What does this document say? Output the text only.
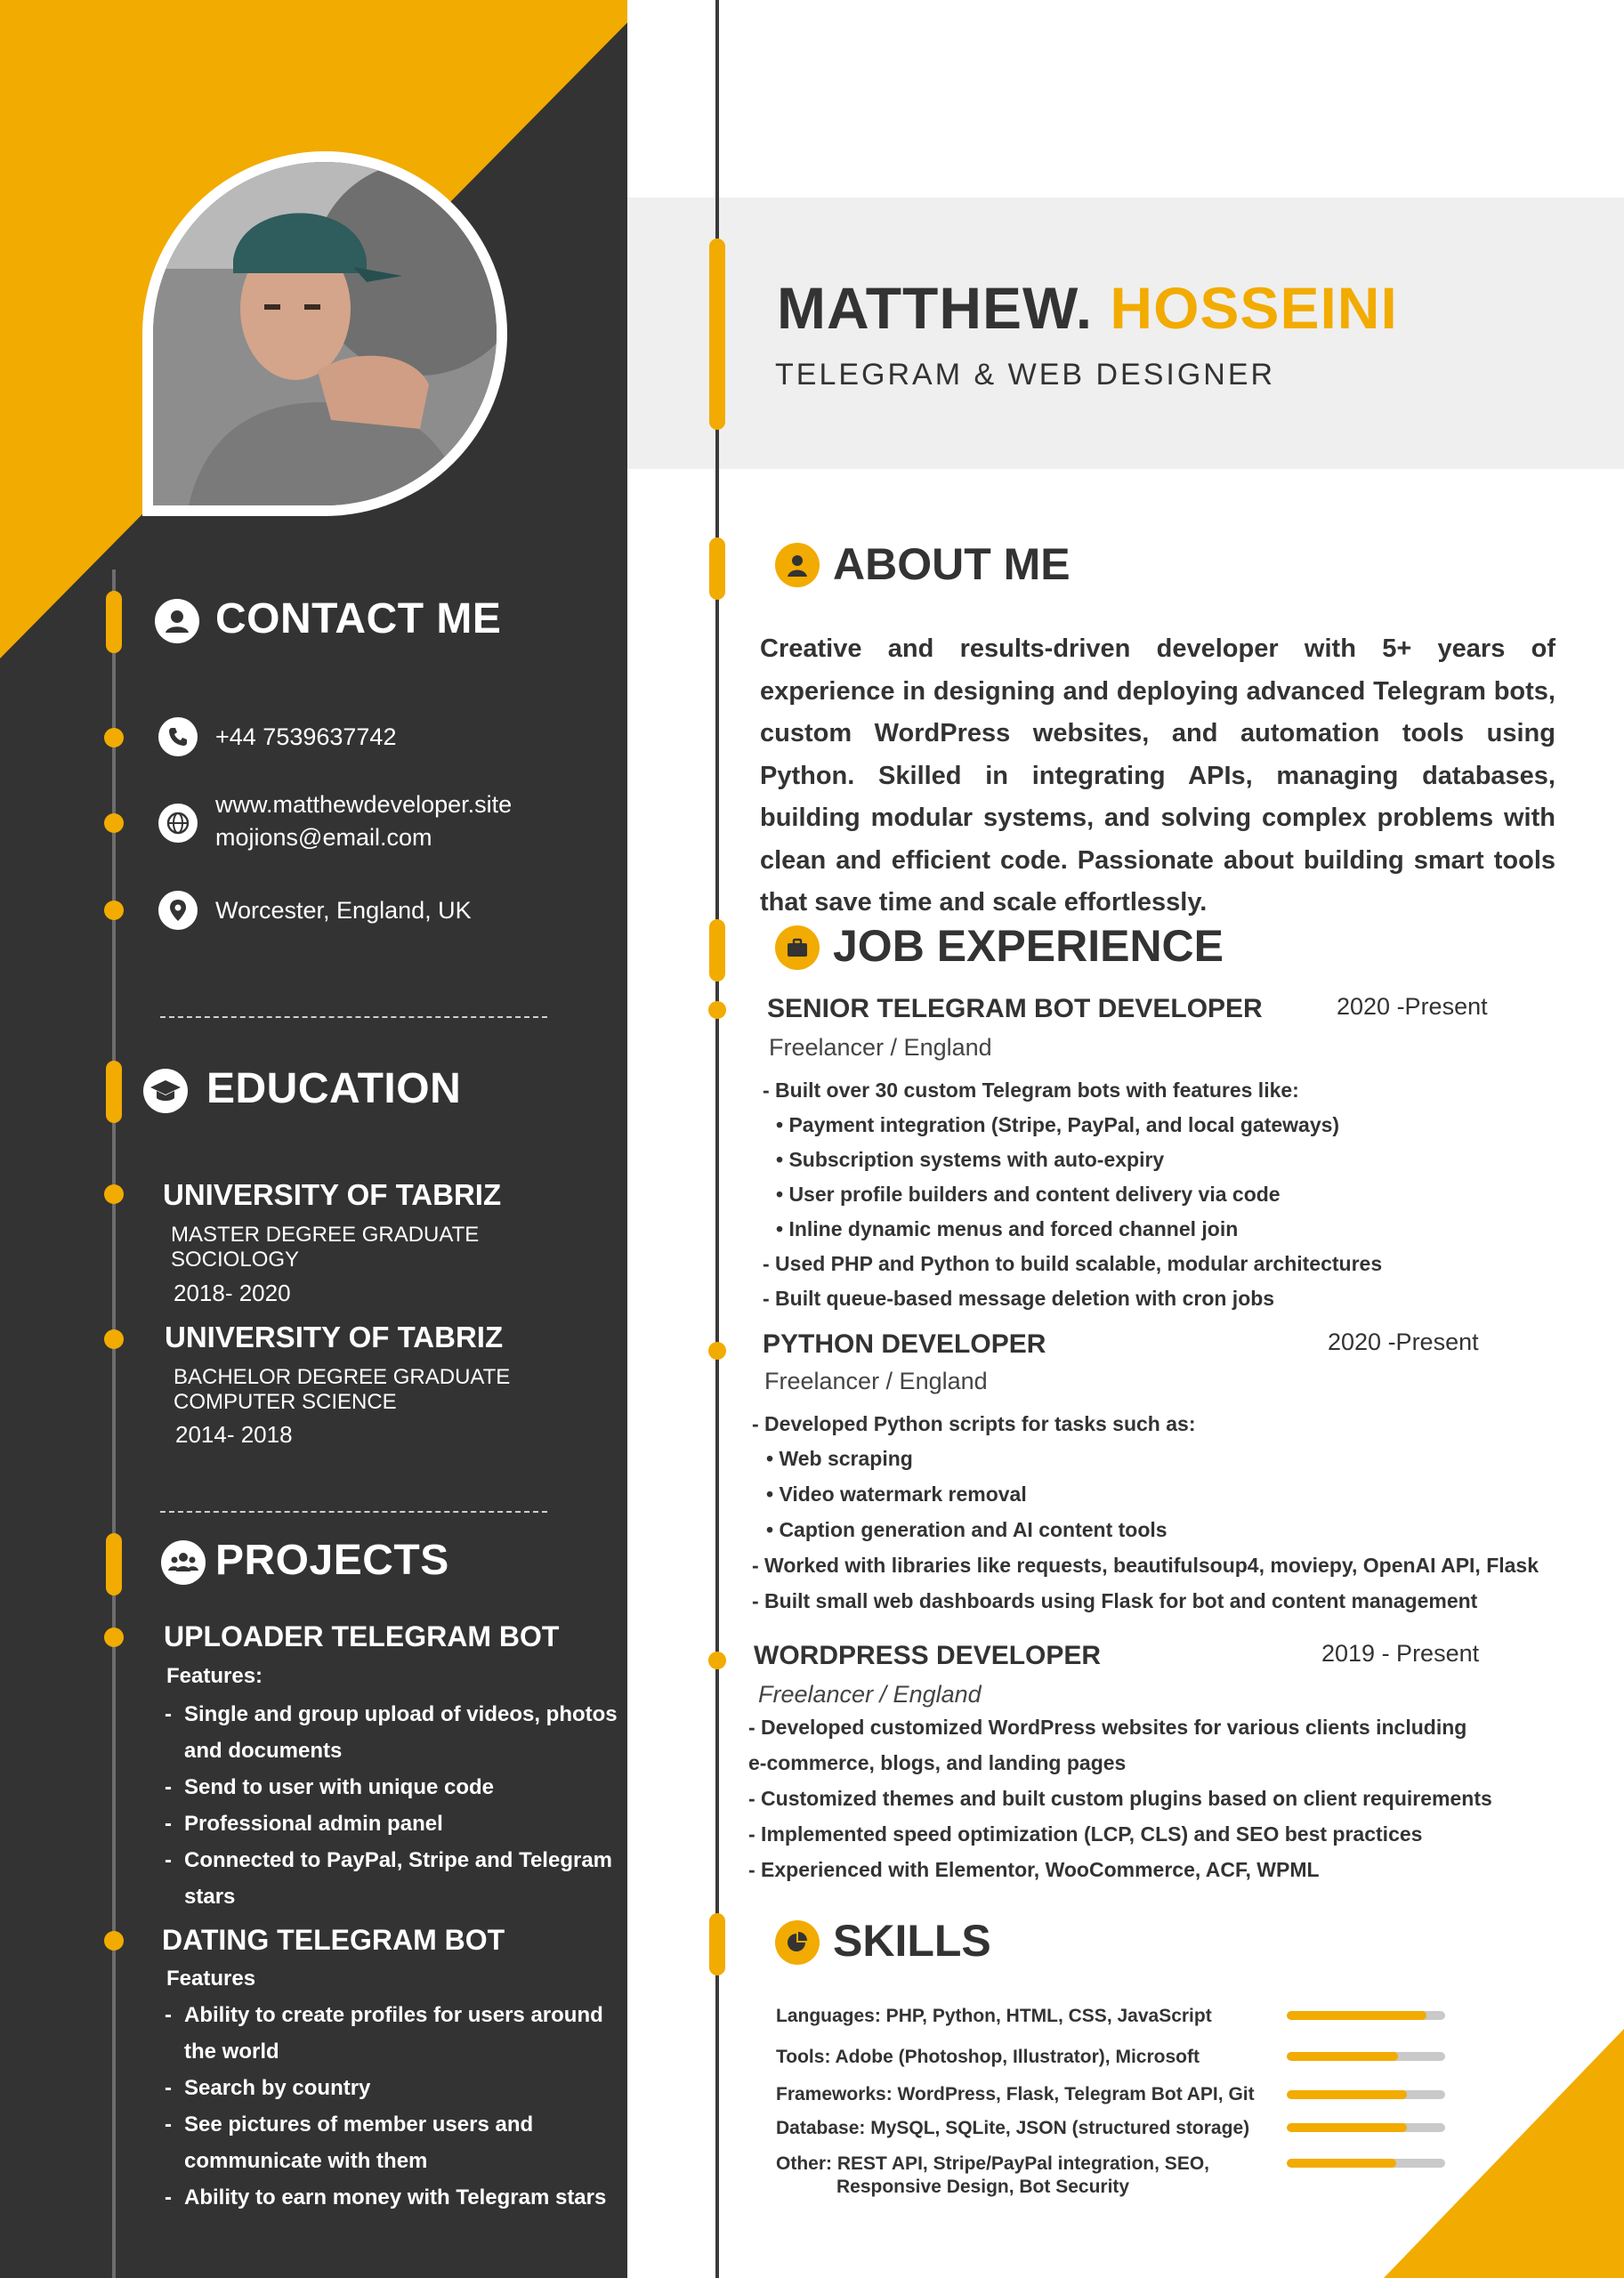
CONTACT ME
+44 7539637742
www.matthewdeveloper.site
mojions@email.com
Worcester, England, UK
EDUCATION
UNIVERSITY OF TABRIZ
MASTER DEGREE GRADUATE
SOCIOLOGY
2018- 2020
UNIVERSITY OF TABRIZ
BACHELOR DEGREE GRADUATE
COMPUTER SCIENCE
2014- 2018
PROJECTS
UPLOADER TELEGRAM BOT
Features:
- Single and group upload of videos, photos and documents
- Send to user with unique code
- Professional admin panel
- Connected to PayPal, Stripe and Telegram stars
DATING TELEGRAM BOT
Features
- Ability to create profiles for users around the world
- Search by country
- See pictures of member users and communicate with them
- Ability to earn money with Telegram stars
MATTHEW. HOSSEINI
TELEGRAM & WEB DESIGNER
ABOUT ME
Creative and results-driven developer with 5+ years of experience in designing and deploying advanced Telegram bots, custom WordPress websites, and automation tools using Python. Skilled in integrating APIs, managing databases, building modular systems, and solving complex problems with clean and efficient code. Passionate about building smart tools that save time and scale effortlessly.
JOB EXPERIENCE
SENIOR TELEGRAM BOT DEVELOPER	2020 -Present
Freelancer / England
- Built over 30 custom Telegram bots with features like:
• Payment integration (Stripe, PayPal, and local gateways)
• Subscription systems with auto-expiry
• User profile builders and content delivery via code
• Inline dynamic menus and forced channel join
- Used PHP and Python to build scalable, modular architectures
- Built queue-based message deletion with cron jobs
PYTHON DEVELOPER	2020 -Present
Freelancer / England
- Developed Python scripts for tasks such as:
• Web scraping
• Video watermark removal
• Caption generation and AI content tools
- Worked with libraries like requests, beautifulsoup4, moviepy, OpenAI API, Flask
- Built small web dashboards using Flask for bot and content management
WORDPRESS DEVELOPER	2019 - Present
Freelancer / England
- Developed customized WordPress websites for various clients including
e-commerce, blogs, and landing pages
- Customized themes and built custom plugins based on client requirements
- Implemented speed optimization (LCP, CLS) and SEO best practices
- Experienced with Elementor, WooCommerce, ACF, WPML
SKILLS
Languages: PHP, Python, HTML, CSS, JavaScript
Tools: Adobe (Photoshop, Illustrator), Microsoft
Frameworks: WordPress, Flask, Telegram Bot API, Git
Database: MySQL, SQLite, JSON (structured storage)
Other: REST API, Stripe/PayPal integration, SEO,
Responsive Design, Bot Security
